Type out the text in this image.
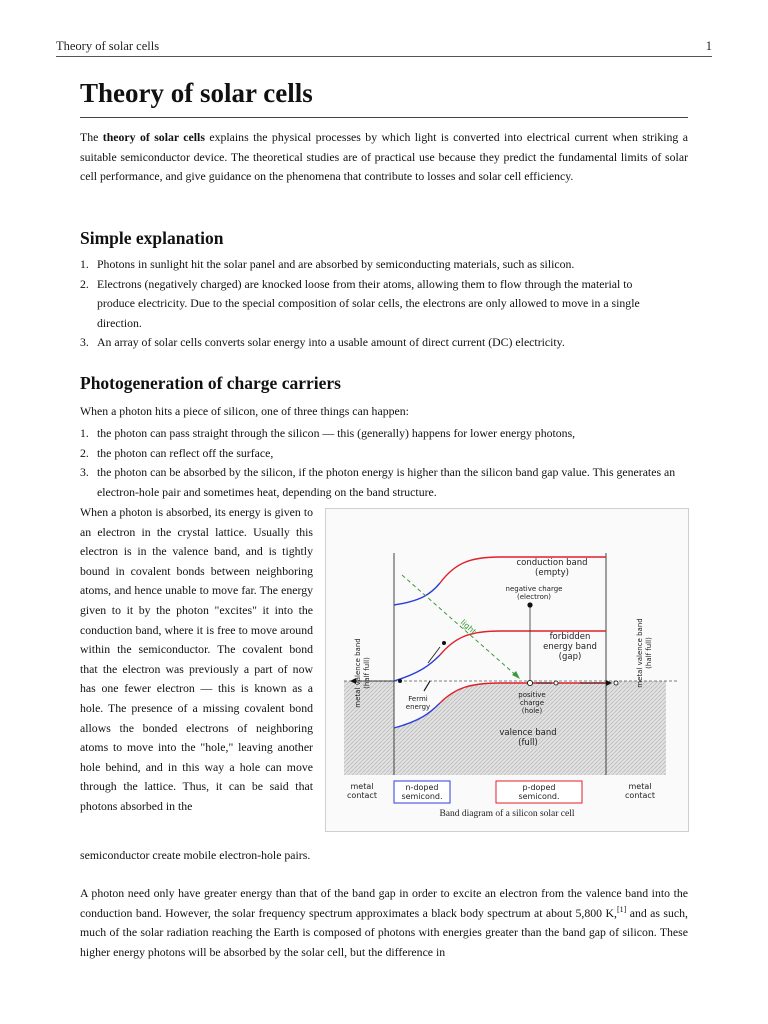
Theory of solar cells	1
Theory of solar cells

The theory of solar cells explains the physical processes by which light is converted into electrical current when striking a suitable semiconductor device. The theoretical studies are of practical use because they predict the fundamental limits of solar cell performance, and give guidance on the phenomena that contribute to losses and solar cell efficiency.

Simple explanation
1. Photons in sunlight hit the solar panel and are absorbed by semiconducting materials, such as silicon.
2. Electrons (negatively charged) are knocked loose from their atoms, allowing them to flow through the material to produce electricity. Due to the special composition of solar cells, the electrons are only allowed to move in a single direction.
3. An array of solar cells converts solar energy into a usable amount of direct current (DC) electricity.
Photogeneration of charge carriers

When a photon hits a piece of silicon, one of three things can happen:

1. the photon can pass straight through the silicon — this (generally) happens for lower energy photons,
2. the photon can reflect off the surface,
3. the photon can be absorbed by the silicon, if the photon energy is higher than the silicon band gap value. This generates an electron-hole pair and sometimes heat, depending on the band structure.

When a photon is absorbed, its energy is given to an electron in the crystal lattice. Usually this electron is in the valence band, and is tightly bound in covalent bonds between neighboring atoms, and hence unable to move far. The energy given to it by the photon "excites" it into the conduction band, where it is free to move around within the semiconductor. The covalent bond that the electron was previously a part of now has one fewer electron — this is known as a hole. The presence of a missing covalent bond allows the bonded electrons of neighboring atoms to move into the "hole," leaving another hole behind, and in this way a hole can move through the lattice. Thus, it can be said that photons absorbed in the

semiconductor create mobile electron-hole pairs.

light
conduction band
(empty)
negative charge
(electron)
forbidden
energy band
(gap)
Fermi
energy
positive
charge
(hole)
valence band
(full)
metal valence band (half full)	metal valence band (half full)
metal
contact
n-doped
semicond.
p-doped
semicond.
metal
contact
Band diagram of a silicon solar cell

A photon need only have greater energy than that of the band gap in order to excite an electron from the valence band into the conduction band. However, the solar frequency spectrum approximates a black body spectrum at about 5,800 K,[1] and as such, much of the solar radiation reaching the Earth is composed of photons with energies greater than the band gap of silicon. These higher energy photons will be absorbed by the solar cell, but the difference in
